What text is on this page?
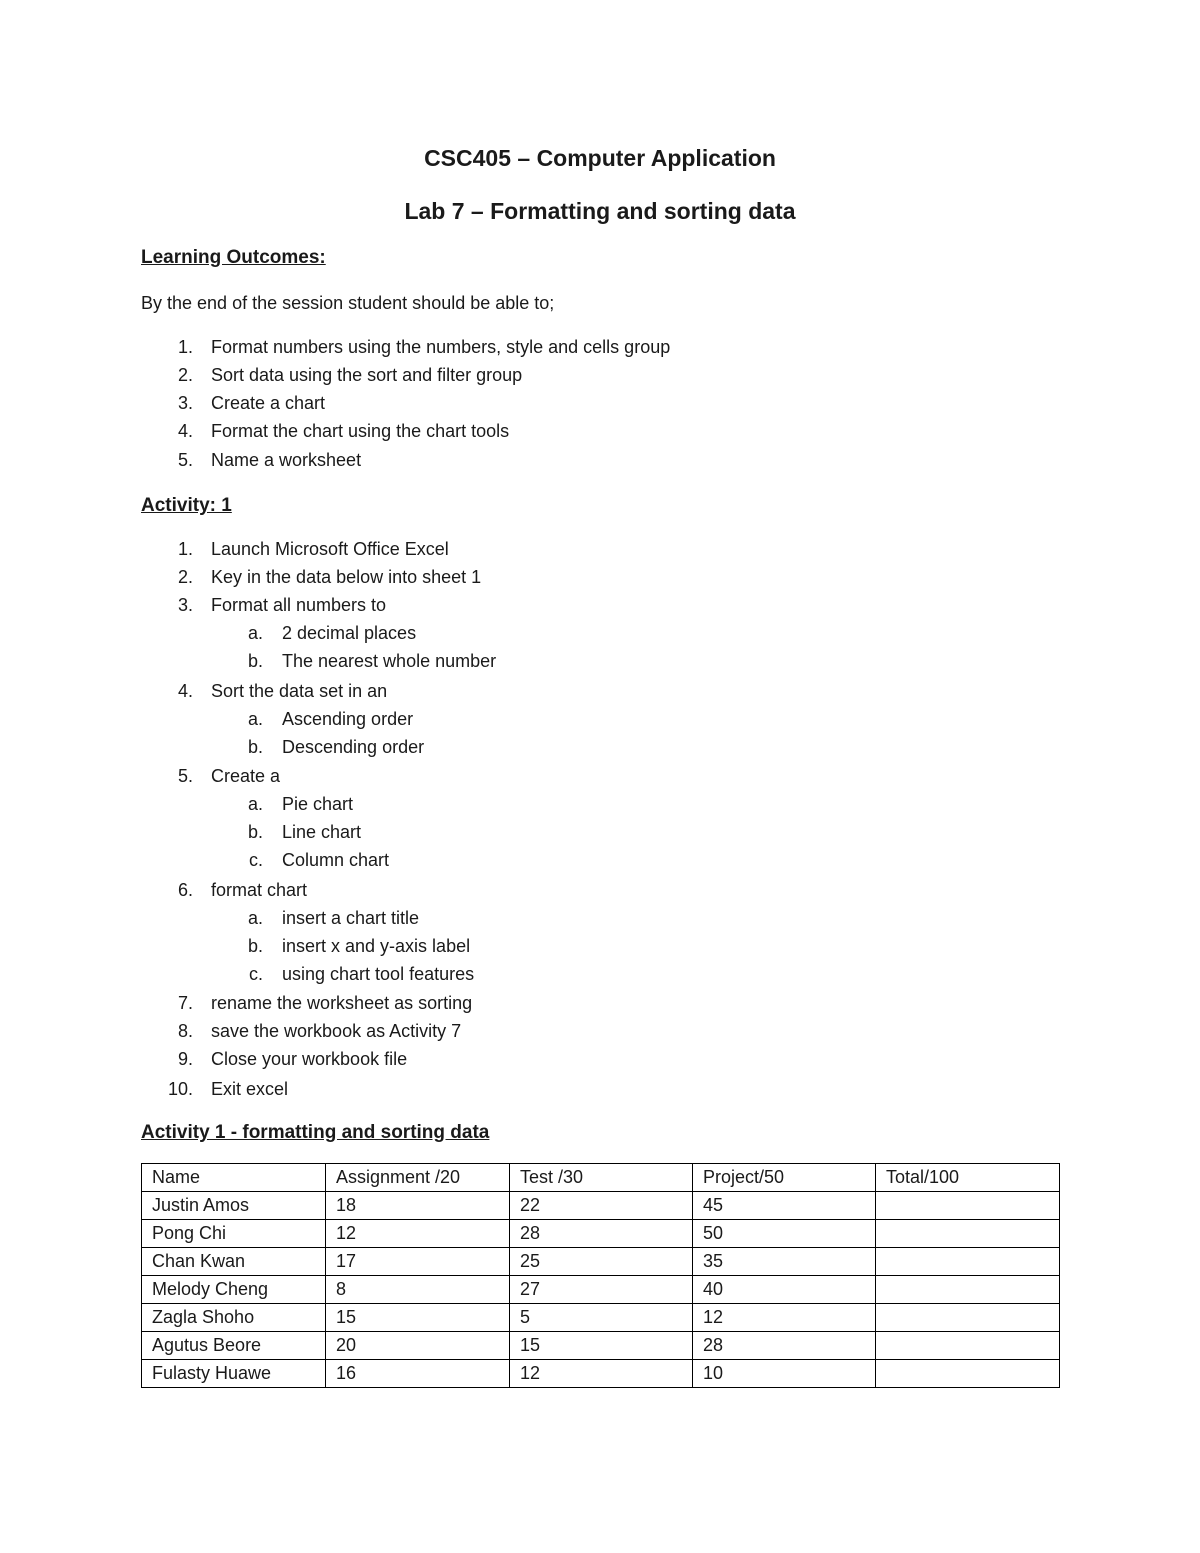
CSC405 – Computer Application
Lab 7 – Formatting and sorting data
Learning Outcomes:
By the end of the session student should be able to;
1. Format numbers using the numbers, style and cells group
2. Sort data using the sort and filter group
3. Create a chart
4. Format the chart using the chart tools
5. Name a worksheet
Activity: 1
1. Launch Microsoft Office Excel
2. Key in the data below into sheet 1
3. Format all numbers to
a. 2 decimal places
b. The nearest whole number
4. Sort the data set in an
a. Ascending order
b. Descending order
5. Create a
a. Pie chart
b. Line chart
c. Column chart
6. format chart
a. insert a chart title
b. insert x and y-axis label
c. using chart tool features
7. rename the worksheet as sorting
8. save the workbook as Activity 7
9. Close your workbook file
10. Exit excel
Activity 1 - formatting and sorting data
Name	Assignment /20	Test /30	Project/50	Total/100
Justin Amos	18	22	45	
Pong Chi	12	28	50	
Chan Kwan	17	25	35	
Melody Cheng	8	27	40	
Zagla Shoho	15	5	12	
Agutus Beore	20	15	28	
Fulasty Huawe	16	12	10	
